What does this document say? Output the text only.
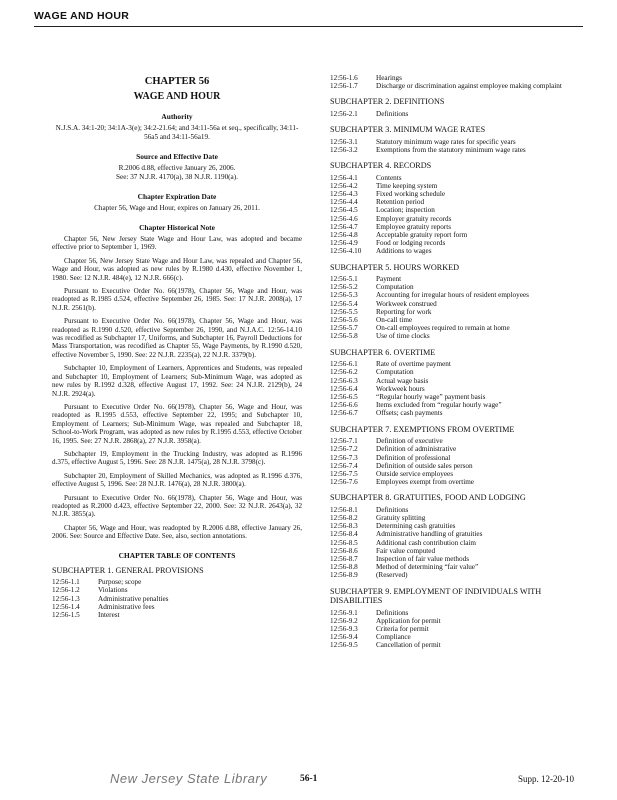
WAGE AND HOUR
CHAPTER 56
WAGE AND HOUR
Authority
N.J.S.A. 34:1-20; 34:1A-3(e); 34:2-21.64; and 34:11-56a et seq., specifically, 34:11-56a5 and 34:11-56a19.
Source and Effective Date
R.2006 d.88, effective January 26, 2006.
See: 37 N.J.R. 4170(a), 38 N.J.R. 1190(a).
Chapter Expiration Date
Chapter 56, Wage and Hour, expires on January 26, 2011.
Chapter Historical Note

Chapter 56, New Jersey State Wage and Hour Law, was adopted and became effective prior to September 1, 1969.

Chapter 56, New Jersey State Wage and Hour Law, was repealed and Chapter 56, Wage and Hour, was adopted as new rules by R.1980 d.430, effective November 1, 1980. See: 12 N.J.R. 484(e), 12 N.J.R. 666(c).

Pursuant to Executive Order No. 66(1978), Chapter 56, Wage and Hour, was readopted as R.1985 d.524, effective September 26, 1985. See: 17 N.J.R. 2008(a), 17 N.J.R. 2561(b).

Pursuant to Executive Order No. 66(1978), Chapter 56, Wage and Hour, was readopted as R.1990 d.520, effective September 26, 1990, and N.J.A.C. 12:56-14.10 was recodified as Subchapter 17, Uniforms, and Subchapter 16, Payroll Deductions for Mass Transportation, was recodified as Chapter 55, Wage Payments, by R.1990 d.520, effective November 5, 1990. See: 22 N.J.R. 2235(a), 22 N.J.R. 3379(b).

Subchapter 10, Employment of Learners, Apprentices and Students, was repealed and Subchapter 10, Employment of Learners; Sub-Minimum Wage, was adopted as new rules by R.1992 d.328, effective August 17, 1992. See: 24 N.J.R. 2129(b), 24 N.J.R. 2924(a).

Pursuant to Executive Order No. 66(1978), Chapter 56, Wage and Hour, was readopted as R.1995 d.553, effective September 22, 1995; and Subchapter 10, Employment of Learners; Sub-Minimum Wage, was repealed and Subchapter 18, School-to-Work Program, was adopted as new rules by R.1995 d.553, effective October 16, 1995. See: 27 N.J.R. 2868(a), 27 N.J.R. 3958(a).

Subchapter 19, Employment in the Trucking Industry, was adopted as R.1996 d.375, effective August 5, 1996. See: 28 N.J.R. 1475(a), 28 N.J.R. 3798(c).

Subchapter 20, Employment of Skilled Mechanics, was adopted as R.1996 d.376, effective August 5, 1996. See: 28 N.J.R. 1476(a), 28 N.J.R. 3800(a).

Pursuant to Executive Order No. 66(1978), Chapter 56, Wage and Hour, was readopted as R.2000 d.423, effective September 22, 2000. See: 32 N.J.R. 2643(a), 32 N.J.R. 3855(a).

Chapter 56, Wage and Hour, was readopted by R.2006 d.88, effective January 26, 2006. See: Source and Effective Date. See, also, section annotations.

CHAPTER TABLE OF CONTENTS
SUBCHAPTER 1. GENERAL PROVISIONS
12:56-1.1	Purpose; scope
12:56-1.2	Violations
12:56-1.3	Administrative penalties
12:56-1.4	Administrative fees
12:56-1.5	Interest
12:56-1.6	Hearings
12:56-1.7	Discharge or discrimination against employee making complaint
SUBCHAPTER 2. DEFINITIONS
12:56-2.1	Definitions
SUBCHAPTER 3. MINIMUM WAGE RATES
12:56-3.1	Statutory minimum wage rates for specific years
12:56-3.2	Exemptions from the statutory minimum wage rates
SUBCHAPTER 4. RECORDS
12:56-4.1	Contents
12:56-4.2	Time keeping system
12:56-4.3	Fixed working schedule
12:56-4.4	Retention period
12:56-4.5	Location; inspection
12:56-4.6	Employer gratuity records
12:56-4.7	Employee gratuity reports
12:56-4.8	Acceptable gratuity report form
12:56-4.9	Food or lodging records
12:56-4.10	Additions to wages
SUBCHAPTER 5. HOURS WORKED
12:56-5.1	Payment
12:56-5.2	Computation
12:56-5.3	Accounting for irregular hours of resident employees
12:56-5.4	Workweek construed
12:56-5.5	Reporting for work
12:56-5.6	On-call time
12:56-5.7	On-call employees required to remain at home
12:56-5.8	Use of time clocks
SUBCHAPTER 6. OVERTIME
12:56-6.1	Rate of overtime payment
12:56-6.2	Computation
12:56-6.3	Actual wage basis
12:56-6.4	Workweek hours
12:56-6.5	“Regular hourly wage” payment basis
12:56-6.6	Items excluded from “regular hourly wage”
12:56-6.7	Offsets; cash payments
SUBCHAPTER 7. EXEMPTIONS FROM OVERTIME
12:56-7.1	Definition of executive
12:56-7.2	Definition of administrative
12:56-7.3	Definition of professional
12:56-7.4	Definition of outside sales person
12:56-7.5	Outside service employees
12:56-7.6	Employees exempt from overtime
SUBCHAPTER 8. GRATUITIES, FOOD AND LODGING
12:56-8.1	Definitions
12:56-8.2	Gratuity splitting
12:56-8.3	Determining cash gratuities
12:56-8.4	Administrative handling of gratuities
12:56-8.5	Additional cash contribution claim
12:56-8.6	Fair value computed
12:56-8.7	Inspection of fair value methods
12:56-8.8	Method of determining “fair value”
12:56-8.9	(Reserved)
SUBCHAPTER 9. EMPLOYMENT OF INDIVIDUALS WITH DISABILITIES
12:56-9.1	Definitions
12:56-9.2	Application for permit
12:56-9.3	Criteria for permit
12:56-9.4	Compliance
12:56-9.5	Cancellation of permit
New Jersey State Library	56-1	Supp. 12-20-10
